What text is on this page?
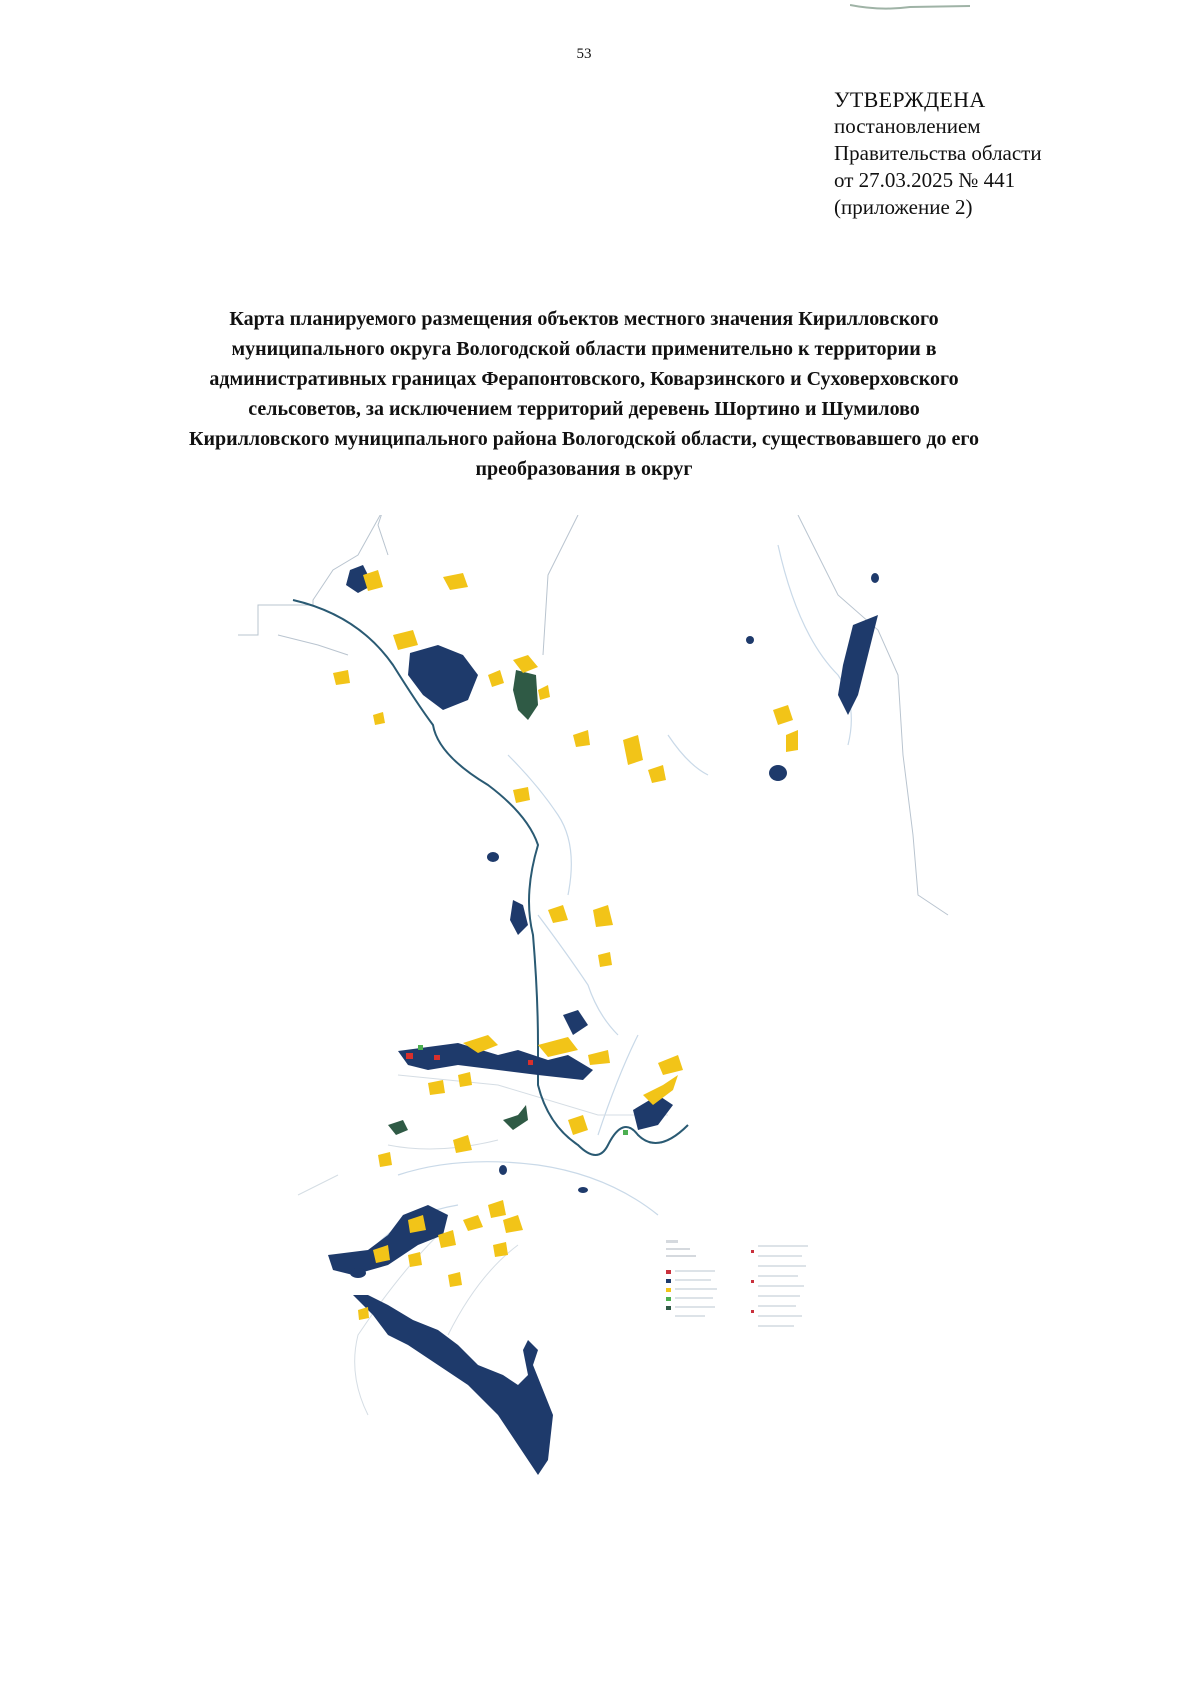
53
УТВЕРЖДЕНА
постановлением
Правительства области
от 27.03.2025 № 441
(приложение 2)
Карта планируемого размещения объектов местного значения Кирилловского
муниципального округа Вологодской области применительно к территории в
административных границах Ферапонтовского, Коварзинского и Суховерховского
сельсоветов, за исключением территорий деревень Шортино и Шумилово
Кирилловского муниципального района Вологодской области, существовавшего до его
преобразования в округ
